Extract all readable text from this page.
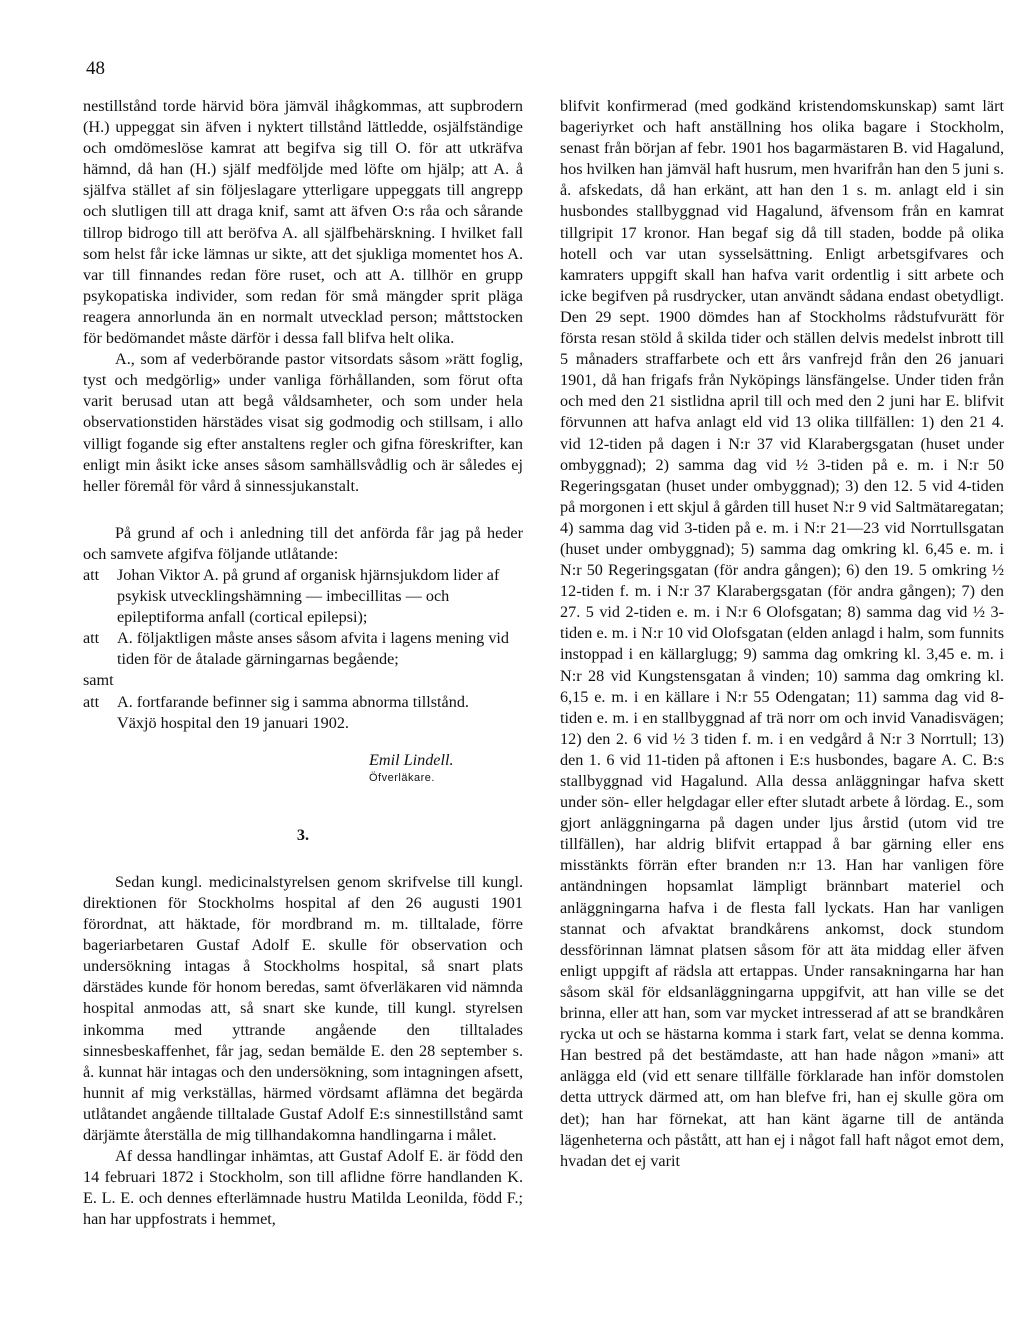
48

nestillstånd torde härvid böra jämväl ihågkommas, att supbrodern (H.) uppeggat sin äfven i nyktert tillstånd lättledde, osjälfständige och omdömeslöse kamrat att begifva sig till O. för att utkräfva hämnd, då han (H.) själf medföljde med löfte om hjälp; att A. å själfva stället af sin följeslagare ytterligare uppeggats till angrepp och slutligen till att draga knif, samt att äfven O:s råa och sårande tillrop bidrogo till att beröfva A. all själfbehärskning. I hvilket fall som helst får icke lämnas ur sikte, att det sjukliga momentet hos A. var till finnandes redan före ruset, och att A. tillhör en grupp psykopatiska individer, som redan för små mängder sprit pläga reagera annorlunda än en normalt utvecklad person; måttstocken för bedömandet måste därför i dessa fall blifva helt olika.

A., som af vederbörande pastor vitsordats såsom »rätt foglig, tyst och medgörlig» under vanliga förhållanden, som förut ofta varit berusad utan att begå våldsamheter, och som under hela observationstiden härstädes visat sig godmodig och stillsam, i allo villigt fogande sig efter anstaltens regler och gifna föreskrifter, kan enligt min åsikt icke anses såsom samhällsvådlig och är således ej heller föremål för vård å sinnessjukanstalt.

På grund af och i anledning till det anförda får jag på heder och samvete afgifva följande utlåtande:

att	Johan Viktor A. på grund af organisk hjärnsjukdom lider af psykisk utvecklingshämning — imbecillitas — och epileptiforma anfall (cortical epilepsi);
att	A. följaktligen måste anses såsom afvita i lagens mening vid tiden för de åtalade gärningarnas begående;
samt
att	A. fortfarande befinner sig i samma abnorma tillstånd.

Växjö hospital den 19 januari 1902.

Emil Lindell.
Öfverläkare.
3.

Sedan kungl. medicinalstyrelsen genom skrifvelse till kungl. direktionen för Stockholms hospital af den 26 augusti 1901 förordnat, att häktade, för mordbrand m. m. tilltalade, förre bageriarbetaren Gustaf Adolf E. skulle för observation och undersökning intagas å Stockholms hospital, så snart plats därstädes kunde för honom beredas, samt öfverläkaren vid nämnda hospital anmodas att, så snart ske kunde, till kungl. styrelsen inkomma med yttrande angående den tilltalades sinnesbeskaffenhet, får jag, sedan bemälde E. den 28 september s. å. kunnat här intagas och den undersökning, som intagningen afsett, hunnit af mig verkställas, härmed vördsamt aflämna det begärda utlåtandet angående tilltalade Gustaf Adolf E:s sinnestillstånd samt därjämte återställa de mig tillhandakomna handlingarna i målet.

Af dessa handlingar inhämtas, att Gustaf Adolf E. är född den 14 februari 1872 i Stockholm, son till aflidne förre handlanden K. E. L. E. och dennes efterlämnade hustru Matilda Leonilda, född F.; han har uppfostrats i hemmet,

blifvit konfirmerad (med godkänd kristendomskunskap) samt lärt bageriyrket och haft anställning hos olika bagare i Stockholm, senast från början af febr. 1901 hos bagarmästaren B. vid Hagalund, hos hvilken han jämväl haft husrum, men hvarifrån han den 5 juni s. å. afskedats, då han erkänt, att han den 1 s. m. anlagt eld i sin husbondes stallbyggnad vid Hagalund, äfvensom från en kamrat tillgripit 17 kronor. Han begaf sig då till staden, bodde på olika hotell och var utan sysselsättning. Enligt arbetsgifvares och kamraters uppgift skall han hafva varit ordentlig i sitt arbete och icke begifven på rusdrycker, utan användt sådana endast obetydligt. Den 29 sept. 1900 dömdes han af Stockholms rådstufvurätt för första resan stöld å skilda tider och ställen delvis medelst inbrott till 5 månaders straffarbete och ett års vanfrejd från den 26 januari 1901, då han frigafs från Nyköpings länsfängelse. Under tiden från och med den 21 sistlidna april till och med den 2 juni har E. blifvit förvunnen att hafva anlagt eld vid 13 olika tillfällen: 1) den 21 4. vid 12-tiden på dagen i N:r 37 vid Klarabergsgatan (huset under ombyggnad); 2) samma dag vid ½ 3-tiden på e. m. i N:r 50 Regeringsgatan (huset under ombyggnad); 3) den 12. 5 vid 4-tiden på morgonen i ett skjul å gården till huset N:r 9 vid Saltmätaregatan; 4) samma dag vid 3-tiden på e. m. i N:r 21—23 vid Norrtullsgatan (huset under ombyggnad); 5) samma dag omkring kl. 6,45 e. m. i N:r 50 Regeringsgatan (för andra gången); 6) den 19. 5 omkring ½ 12-tiden f. m. i N:r 37 Klarabergsgatan (för andra gången); 7) den 27. 5 vid 2-tiden e. m. i N:r 6 Olofsgatan; 8) samma dag vid ½ 3-tiden e. m. i N:r 10 vid Olofsgatan (elden anlagd i halm, som funnits instoppad i en källarglugg; 9) samma dag omkring kl. 3,45 e. m. i N:r 28 vid Kungstensgatan å vinden; 10) samma dag omkring kl. 6,15 e. m. i en källare i N:r 55 Odengatan; 11) samma dag vid 8-tiden e. m. i en stallbyggnad af trä norr om och invid Vanadisvägen; 12) den 2. 6 vid ½ 3 tiden f. m. i en vedgård å N:r 3 Norrtull; 13) den 1. 6 vid 11-tiden på aftonen i E:s husbondes, bagare A. C. B:s stallbyggnad vid Hagalund. Alla dessa anläggningar hafva skett under sön- eller helgdagar eller efter slutadt arbete å lördag. E., som gjort anläggningarna på dagen under ljus årstid (utom vid tre tillfällen), har aldrig blifvit ertappad å bar gärning eller ens misstänkts förrän efter branden n:r 13. Han har vanligen före antändningen hopsamlat lämpligt brännbart materiel och anläggningarna hafva i de flesta fall lyckats. Han har vanligen stannat och afvaktat brandkårens ankomst, dock stundom dessförinnan lämnat platsen såsom för att äta middag eller äfven enligt uppgift af rädsla att ertappas. Under ransakningarna har han såsom skäl för eldsanläggningarna uppgifvit, att han ville se det brinna, eller att han, som var mycket intresserad af att se brandkåren rycka ut och se hästarna komma i stark fart, velat se denna komma. Han bestred på det bestämdaste, att han hade någon »mani» att anlägga eld (vid ett senare tillfälle förklarade han inför domstolen detta uttryck därmed att, om han blefve fri, han ej skulle göra om det); han har förnekat, att han känt ägarne till de antända lägenheterna och påstått, att han ej i något fall haft något emot dem, hvadan det ej varit
